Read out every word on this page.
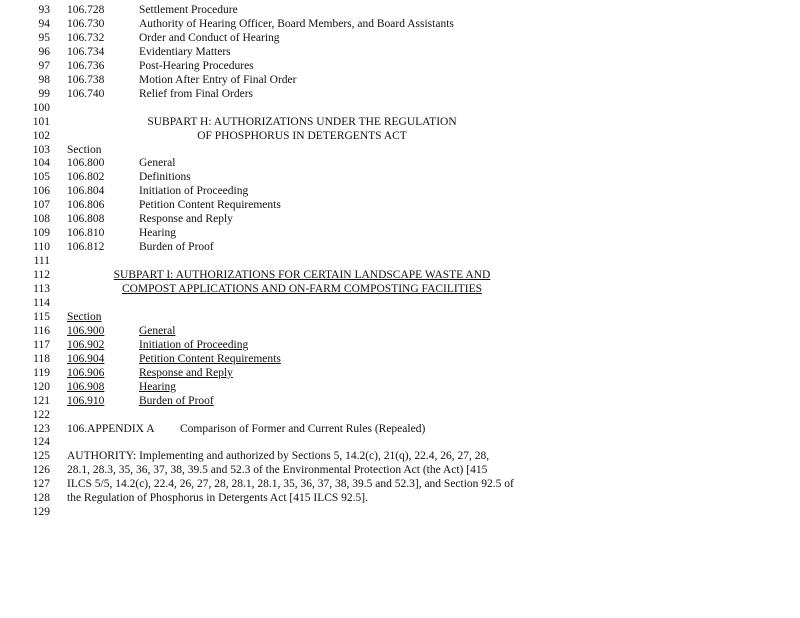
93 106.728	Settlement Procedure
94 106.730	Authority of Hearing Officer, Board Members, and Board Assistants
95 106.732	Order and Conduct of Hearing
96 106.734	Evidentiary Matters
97 106.736	Post-Hearing Procedures
98 106.738	Motion After Entry of Final Order
99 106.740	Relief from Final Orders
100
101	SUBPART H: AUTHORIZATIONS UNDER THE REGULATION
102	OF PHOSPHORUS IN DETERGENTS ACT
103 Section
104 106.800	General
105 106.802	Definitions
106 106.804	Initiation of Proceeding
107 106.806	Petition Content Requirements
108 106.808	Response and Reply
109 106.810	Hearing
110 106.812	Burden of Proof
111
112	SUBPART I: AUTHORIZATIONS FOR CERTAIN LANDSCAPE WASTE AND
113	COMPOST APPLICATIONS AND ON-FARM COMPOSTING FACILITIES
114
115 Section
116 106.900	General
117 106.902	Initiation of Proceeding
118 106.904	Petition Content Requirements
119 106.906	Response and Reply
120 106.908	Hearing
121 106.910	Burden of Proof
122
123 106.APPENDIX A Comparison of Former and Current Rules (Repealed)
124
125 AUTHORITY: Implementing and authorized by Sections 5, 14.2(c), 21(q), 22.4, 26, 27, 28,
126 28.1, 28.3, 35, 36, 37, 38, 39.5 and 52.3 of the Environmental Protection Act (the Act) [415
127 ILCS 5/5, 14.2(c), 22.4, 26, 27, 28, 28.1, 28.1, 35, 36, 37, 38, 39.5 and 52.3], and Section 92.5 of
128 the Regulation of Phosphorus in Detergents Act [415 ILCS 92.5].
129
